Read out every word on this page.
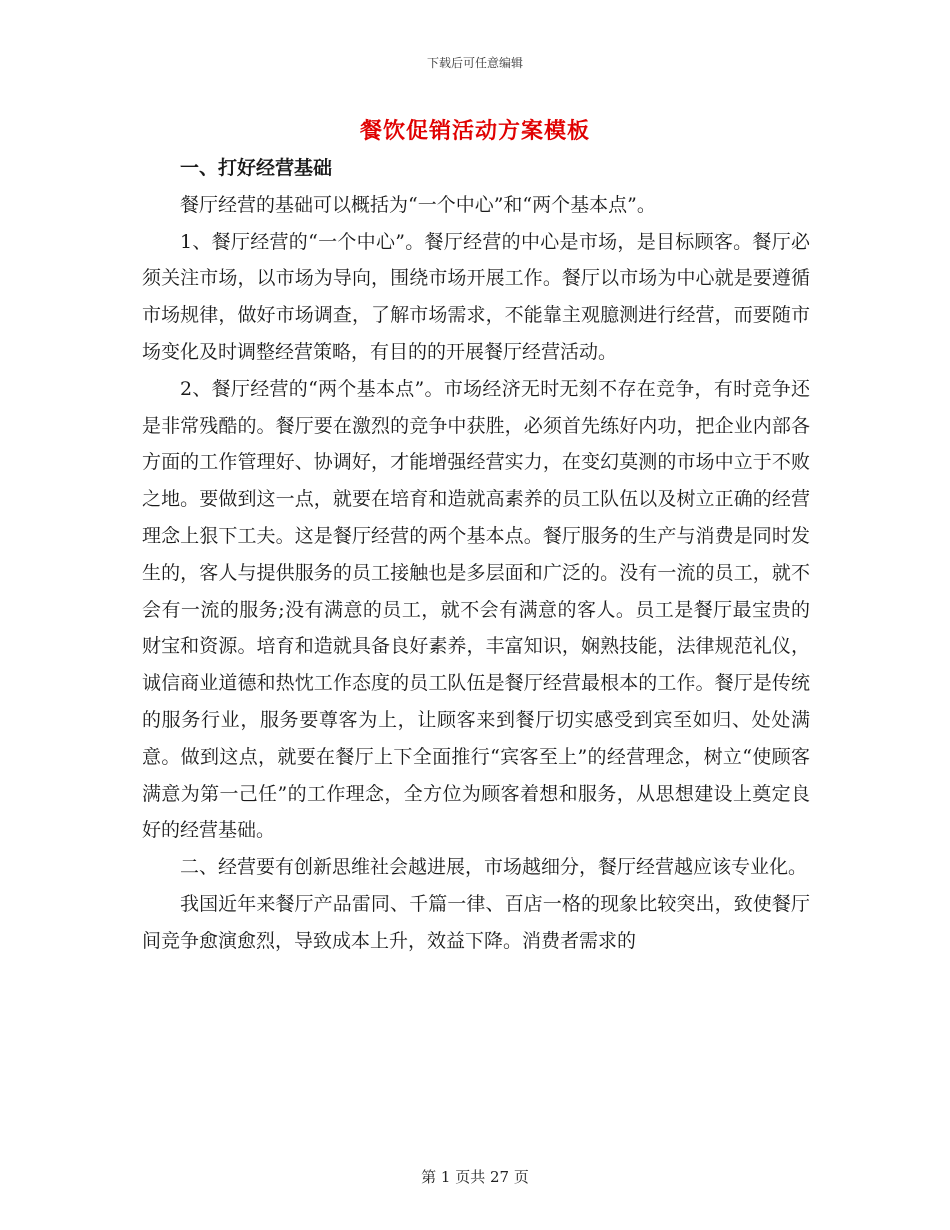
下载后可任意编辑
餐饮促销活动方案模板

一、打好经营基础

餐厅经营的基础可以概括为“一个中心”和“两个基本点”。

1、餐厅经营的“一个中心”。餐厅经营的中心是市场，是目标顾客。餐厅必须关注市场，以市场为导向，围绕市场开展工作。餐厅以市场为中心就是要遵循市场规律，做好市场调查，了解市场需求，不能靠主观臆测进行经营，而要随市场变化及时调整经营策略，有目的的开展餐厅经营活动。

2、餐厅经营的“两个基本点”。市场经济无时无刻不存在竞争，有时竞争还是非常残酷的。餐厅要在激烈的竞争中获胜，必须首先练好内功，把企业内部各方面的工作管理好、协调好，才能增强经营实力，在变幻莫测的市场中立于不败之地。要做到这一点，就要在培育和造就高素养的员工队伍以及树立正确的经营理念上狠下工夫。这是餐厅经营的两个基本点。餐厅服务的生产与消费是同时发生的，客人与提供服务的员工接触也是多层面和广泛的。没有一流的员工，就不会有一流的服务;没有满意的员工，就不会有满意的客人。员工是餐厅最宝贵的财宝和资源。培育和造就具备良好素养，丰富知识，娴熟技能，法律规范礼仪，诚信商业道德和热忱工作态度的员工队伍是餐厅经营最根本的工作。餐厅是传统的服务行业，服务要尊客为上，让顾客来到餐厅切实感受到宾至如归、处处满意。做到这点，就要在餐厅上下全面推行“宾客至上”的经营理念，树立“使顾客满意为第一己任”的工作理念，全方位为顾客着想和服务，从思想建设上奠定良好的经营基础。

二、经营要有创新思维社会越进展，市场越细分，餐厅经营越应该专业化。

我国近年来餐厅产品雷同、千篇一律、百店一格的现象比较突出，致使餐厅间竞争愈演愈烈，导致成本上升，效益下降。消费者需求的

第 1 页共 27 页
